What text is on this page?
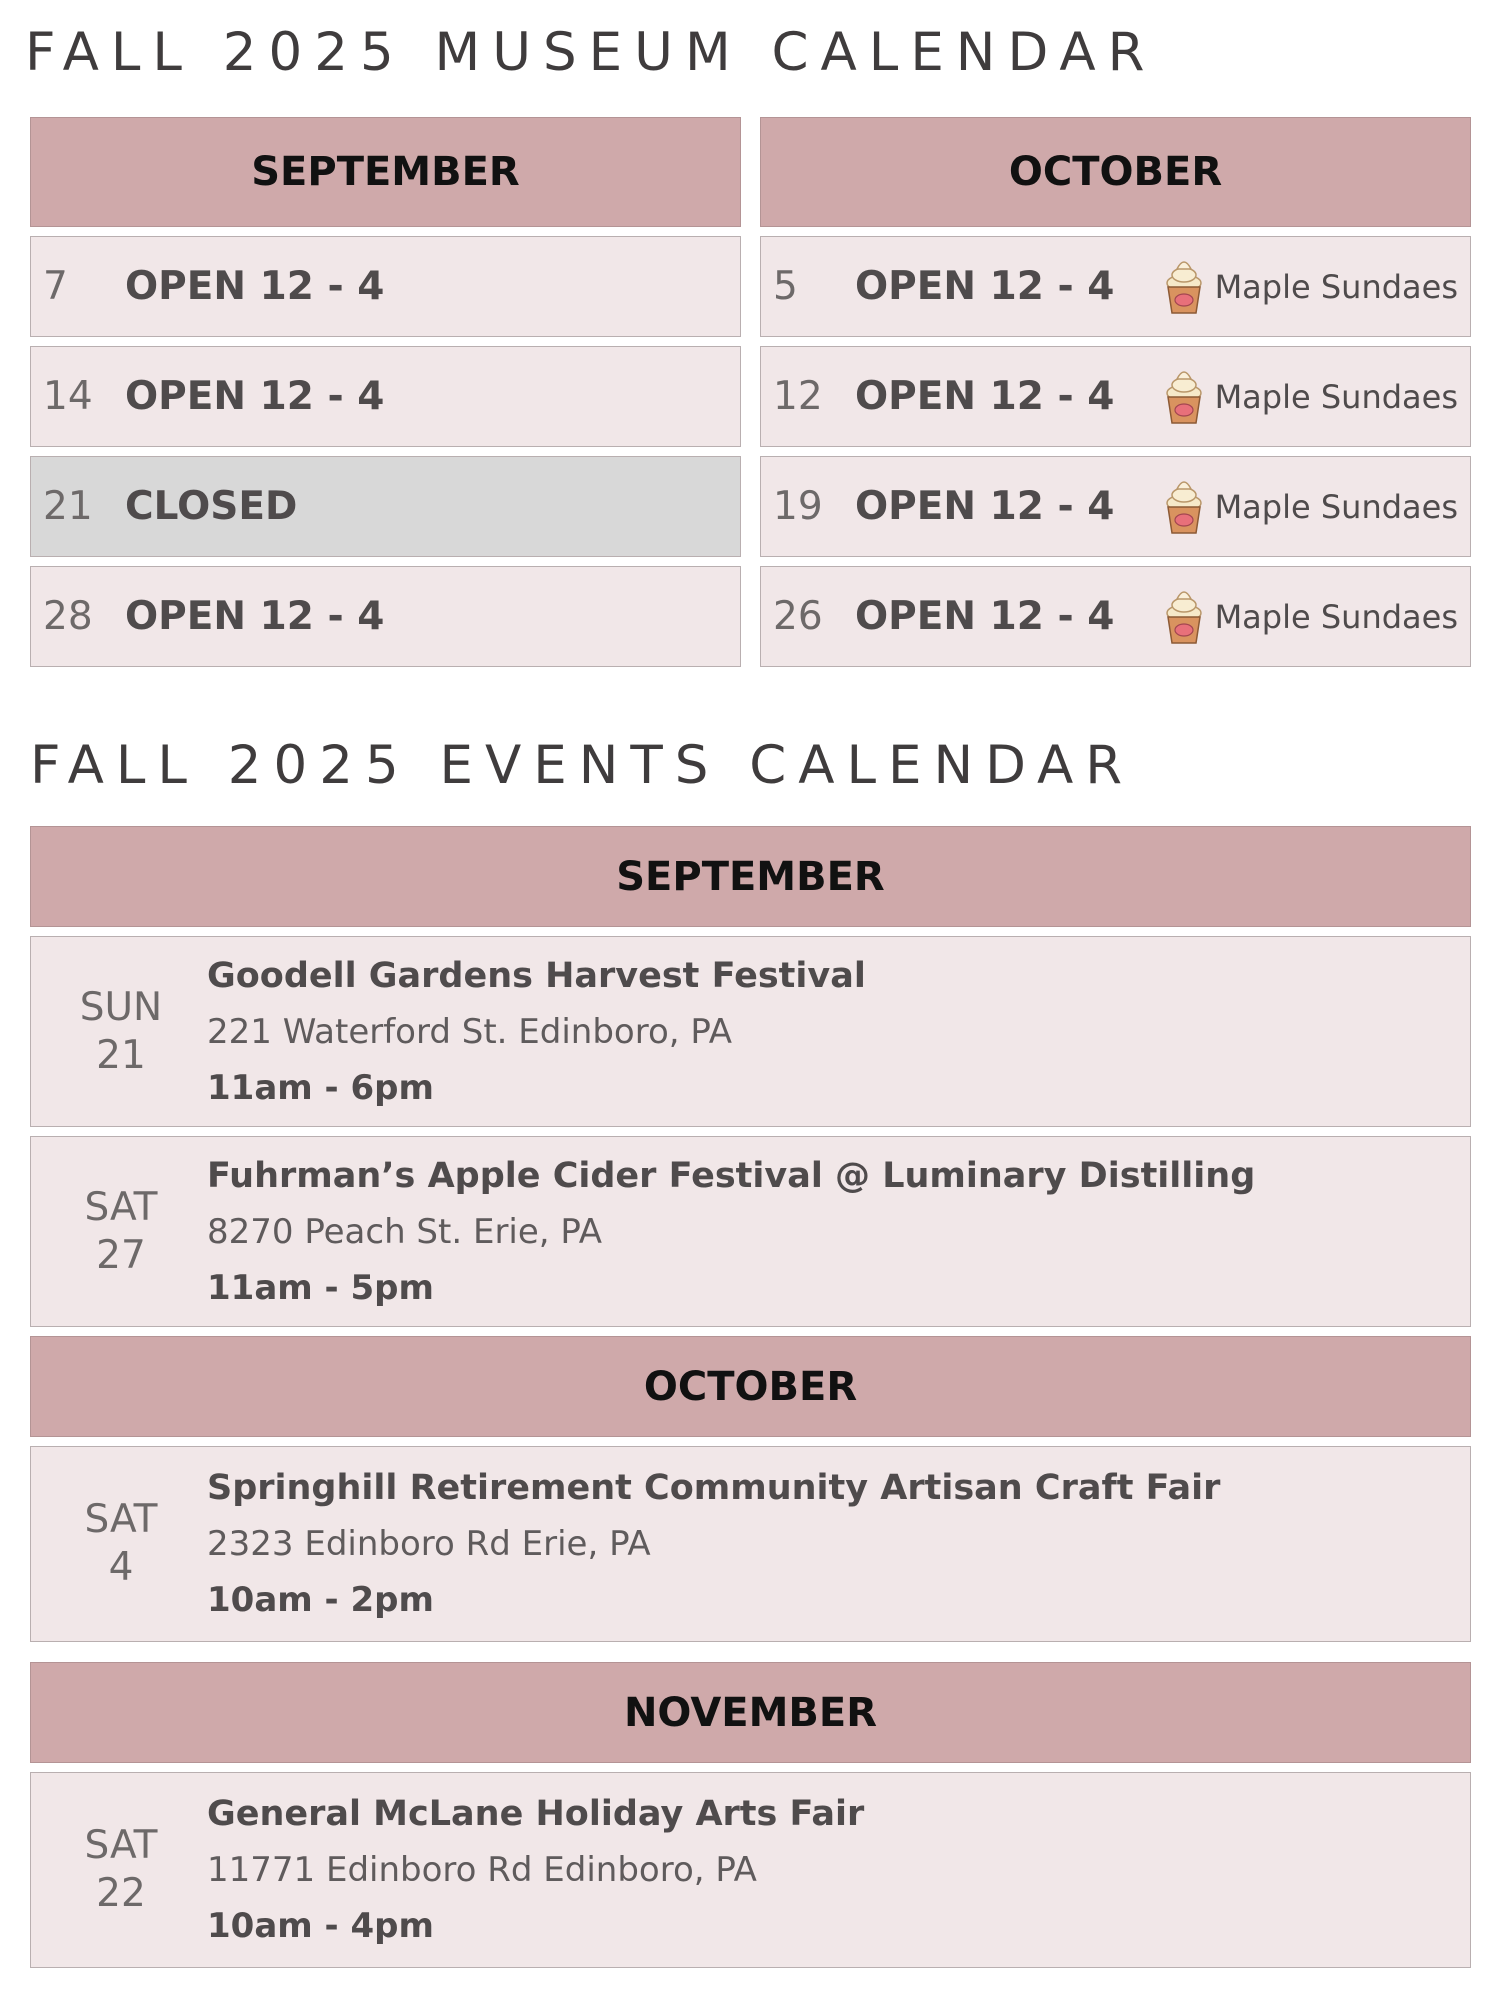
FALL 2025 MUSEUM CALENDAR
SEPTEMBER
7	OPEN 12 - 4
14 OPEN 12 - 4
21 CLOSED
28 OPEN 12 - 4
OCTOBER
5	OPEN 12 - 4	Maple Sundaes
12 OPEN 12 - 4	Maple Sundaes
19 OPEN 12 - 4	Maple Sundaes
26 OPEN 12 - 4	Maple Sundaes
FALL 2025 EVENTS CALENDAR
SEPTEMBER
SUN
21
Goodell Gardens Harvest Festival
221 Waterford St. Edinboro, PA
11am - 6pm
SAT
27
Fuhrman’s Apple Cider Festival @ Luminary Distilling
8270 Peach St. Erie, PA
11am - 5pm
OCTOBER
SAT
4
Springhill Retirement Community Artisan Craft Fair
2323 Edinboro Rd Erie, PA
10am - 2pm
NOVEMBER
SAT
22
General McLane Holiday Arts Fair
11771 Edinboro Rd Edinboro, PA
10am - 4pm
